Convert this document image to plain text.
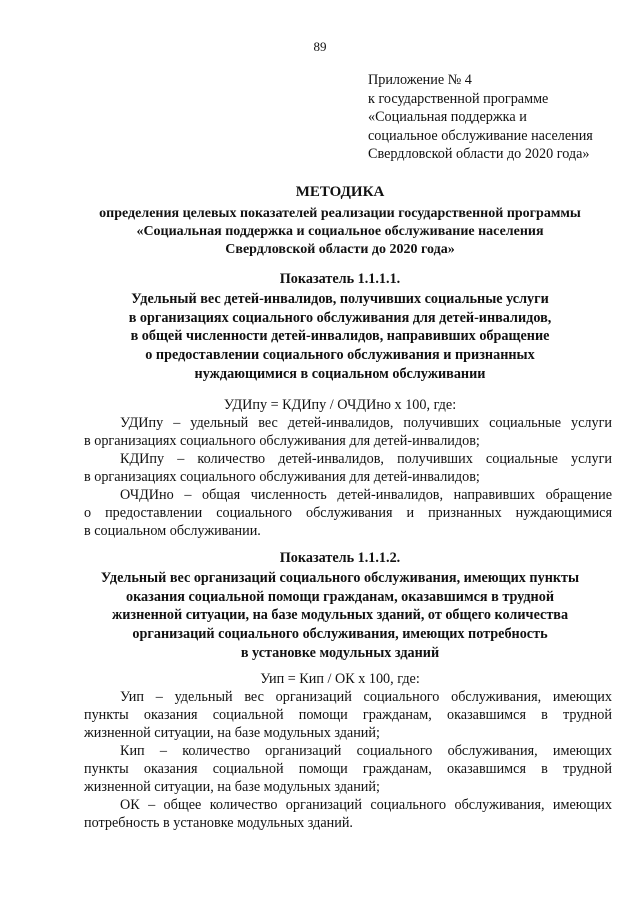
89
Приложение № 4
к государственной программе
«Социальная поддержка и
социальное обслуживание населения
Свердловской области до 2020 года»
МЕТОДИКА
определения целевых показателей реализации государственной программы
«Социальная поддержка и социальное обслуживание населения
Свердловской области до 2020 года»
Показатель 1.1.1.1.
Удельный вес детей-инвалидов, получивших социальные услуги
в организациях социального обслуживания для детей-инвалидов,
в общей численности детей-инвалидов, направивших обращение
о предоставлении социального обслуживания и признанных
нуждающимися в социальном обслуживании
УДИпу = КДИпу / ОЧДИно x 100, где:
УДИпу – удельный вес детей-инвалидов, получивших социальные услуги
в организациях социального обслуживания для детей-инвалидов;
КДИпу – количество детей-инвалидов, получивших социальные услуги
в организациях социального обслуживания для детей-инвалидов;
ОЧДИно – общая численность детей-инвалидов, направивших обращение
о предоставлении социального обслуживания и признанных нуждающимися
в социальном обслуживании.
Показатель 1.1.1.2.
Удельный вес организаций социального обслуживания, имеющих пункты
оказания социальной помощи гражданам, оказавшимся в трудной
жизненной ситуации, на базе модульных зданий, от общего количества
организаций социального обслуживания, имеющих потребность
в установке модульных зданий
Уип = Кип / ОК x 100, где:
Уип – удельный вес организаций социального обслуживания, имеющих
пункты оказания социальной помощи гражданам, оказавшимся в трудной
жизненной ситуации, на базе модульных зданий;
Кип – количество организаций социального обслуживания, имеющих
пункты оказания социальной помощи гражданам, оказавшимся в трудной
жизненной ситуации, на базе модульных зданий;
ОК – общее количество организаций социального обслуживания, имеющих
потребность в установке модульных зданий.
